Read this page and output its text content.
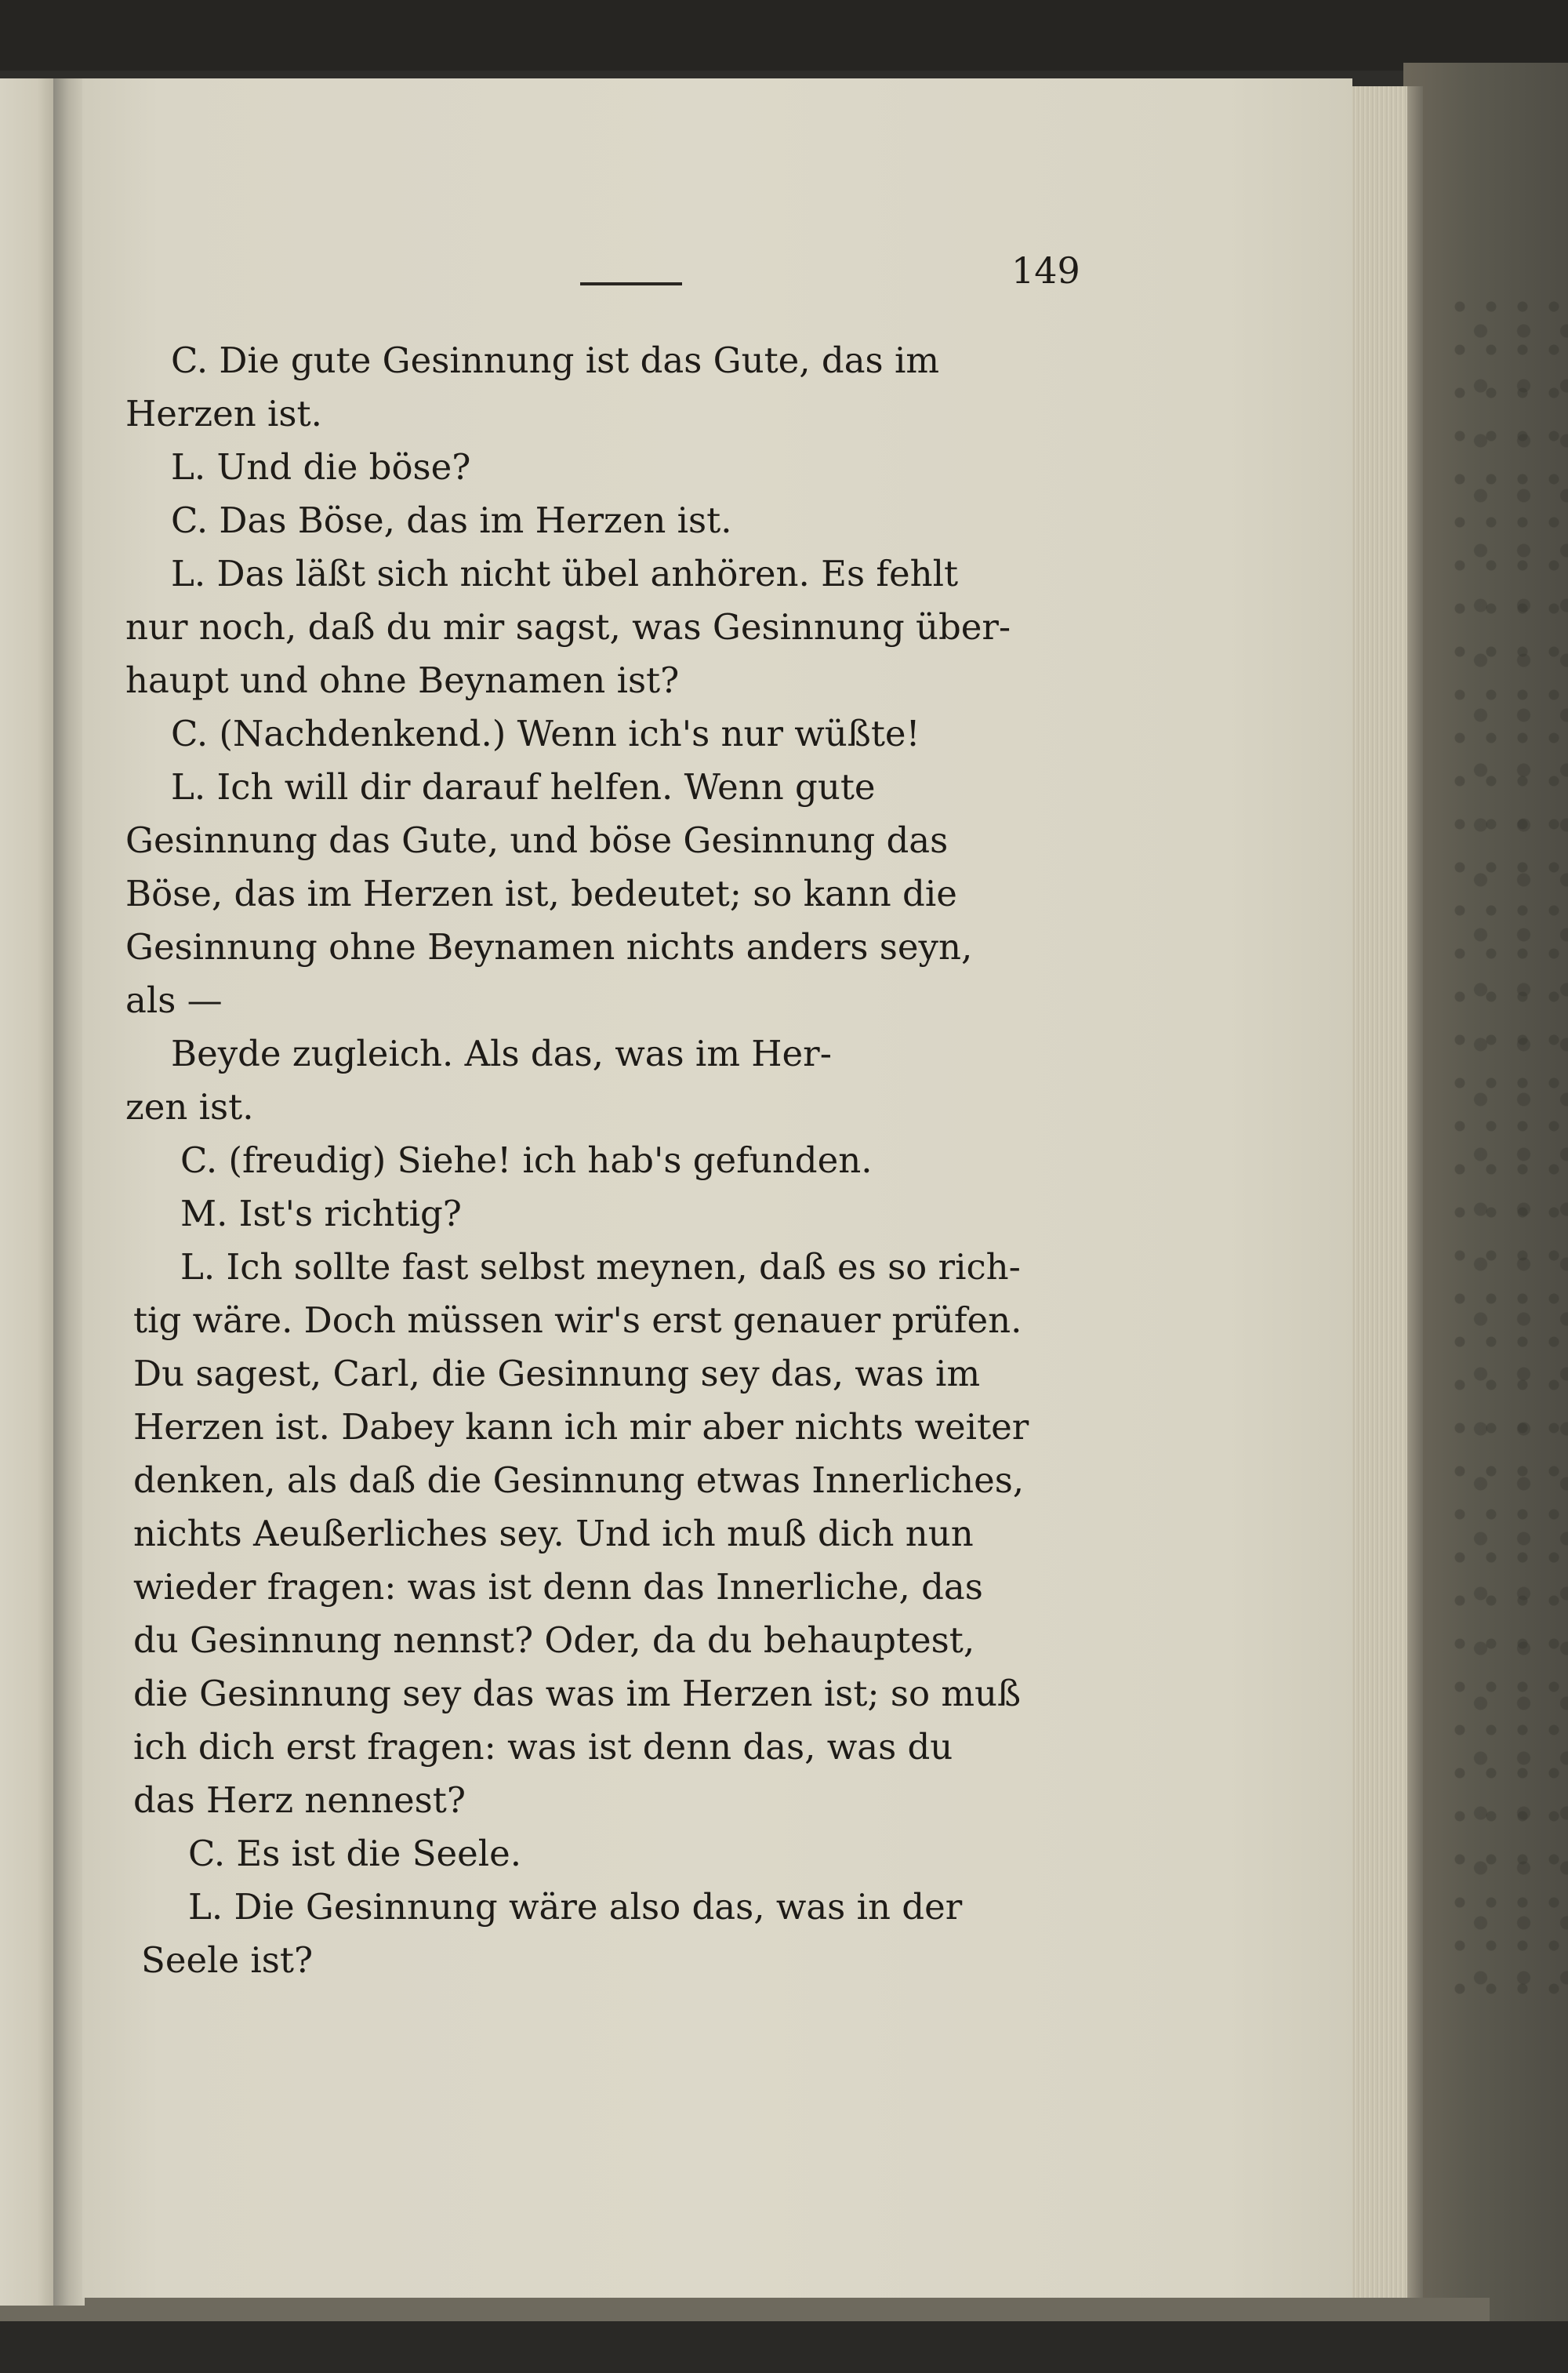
149
C. Die gute Gesinnung ist das Gute, das im
Herzen ist.
L. Und die böse?
C. Das Böse, das im Herzen ist.
L. Das läßt sich nicht übel anhören. Es fehlt
nur noch, daß du mir sagst, was Gesinnung über-
haupt und ohne Beynamen ist?
C. (Nachdenkend.) Wenn ich's nur wüßte!
L. Ich will dir darauf helfen. Wenn gute
Gesinnung das Gute, und böse Gesinnung das
Böse, das im Herzen ist, bedeutet; so kann die
Gesinnung ohne Beynamen nichts anders seyn,
als —
Beyde zugleich. Als das, was im Her-
zen ist.
C. (freudig) Siehe! ich hab's gefunden.
M. Ist's richtig?
L. Ich sollte fast selbst meynen, daß es so rich-
tig wäre. Doch müssen wir's erst genauer prüfen.
Du sagest, Carl, die Gesinnung sey das, was im
Herzen ist. Dabey kann ich mir aber nichts weiter
denken, als daß die Gesinnung etwas Innerliches,
nichts Aeußerliches sey. Und ich muß dich nun
wieder fragen: was ist denn das Innerliche, das
du Gesinnung nennst? Oder, da du behauptest,
die Gesinnung sey das was im Herzen ist; so muß
ich dich erst fragen: was ist denn das, was du
das Herz nennest?
C. Es ist die Seele.
L. Die Gesinnung wäre also das, was in der
Seele ist?
